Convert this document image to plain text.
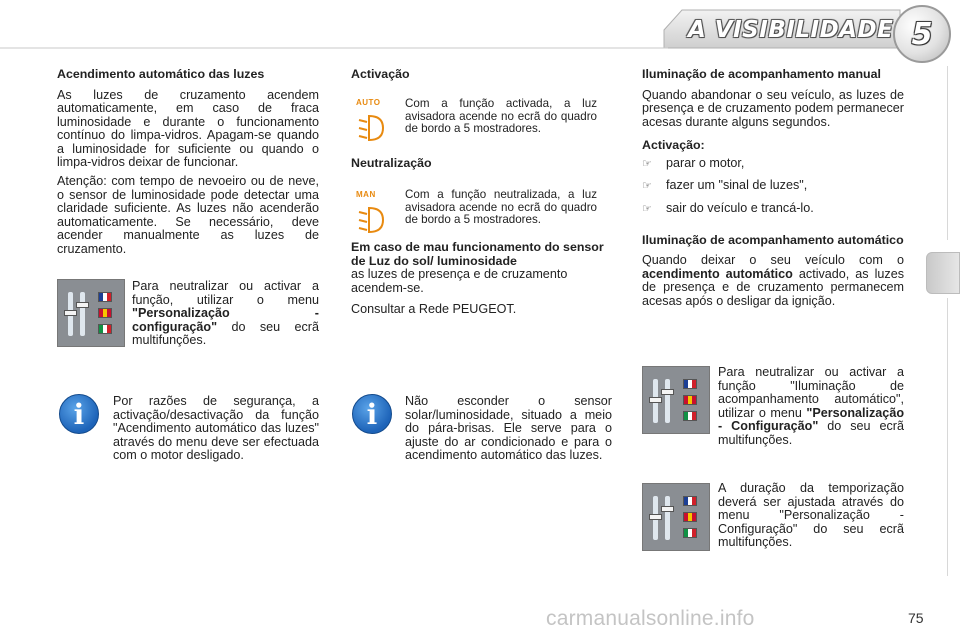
A VISIBILIDADE 5
Acendimento automático das luzes
As luzes de cruzamento acendem automaticamente, em caso de fraca luminosidade e durante o funcionamento contínuo do limpa-vidros. Apagam-se quando a luminosidade for suficiente ou quando o limpa-vidros deixar de funcionar.
Atenção: com tempo de nevoeiro ou de neve, o sensor de luminosidade pode detectar uma claridade suficiente. As luzes não acenderão automaticamente. Se necessário, deve acender manualmente as luzes de cruzamento.
Para neutralizar ou activar a função, utilizar o menu "Personalização - configuração" do seu ecrã multifunções.
i	Por razões de segurança, a activação/desactivação da função "Acendimento automático das luzes" através do menu deve ser efectuada com o motor desligado.
Activação
AUTO Com a função activada, a luz avisadora acende no ecrã do quadro de bordo a 5 mostradores.
Neutralização
MAN	Com a função neutralizada, a luz avisadora acende no ecrã do quadro de bordo a 5 mostradores.
Em caso de mau funcionamento do sensor de Luz do sol/ luminosidade
as luzes de presença e de cruzamento acendem-se.
Consultar a Rede PEUGEOT.
i	Não esconder o sensor solar/luminosidade, situado a meio do pára-brisas. Ele serve para o ajuste do ar condicionado e para o acendimento automático das luzes.
Iluminação de acompanhamento manual
Quando abandonar o seu veículo, as luzes de presença e de cruzamento podem permanecer acesas durante alguns segundos.
Activação:
☞	parar o motor,
☞	fazer um "sinal de luzes",
☞	sair do veículo e trancá-lo.
Iluminação de acompanhamento automático
Quando deixar o seu veículo com o acendimento automático activado, as luzes de presença e de cruzamento permanecem acesas após o desligar da ignição.
Para neutralizar ou activar a função "Iluminação de acompanhamento automático", utilizar o menu "Personalização - Configuração" do seu ecrã multifunções.
A duração da temporização deverá ser ajustada através do menu "Personalização - Configuração" do seu ecrã multifunções.
carmanualsonline.info	75
